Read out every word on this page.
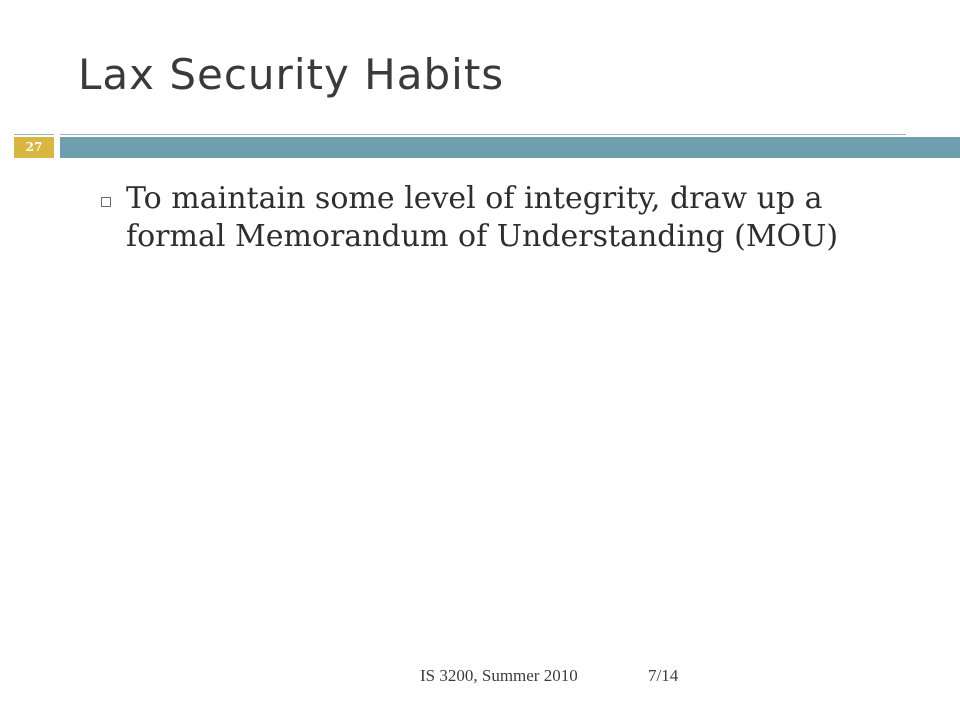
Lax Security Habits
27
To maintain some level of integrity, draw up a formal Memorandum of Understanding (MOU)
IS 3200, Summer 2010	7/14
